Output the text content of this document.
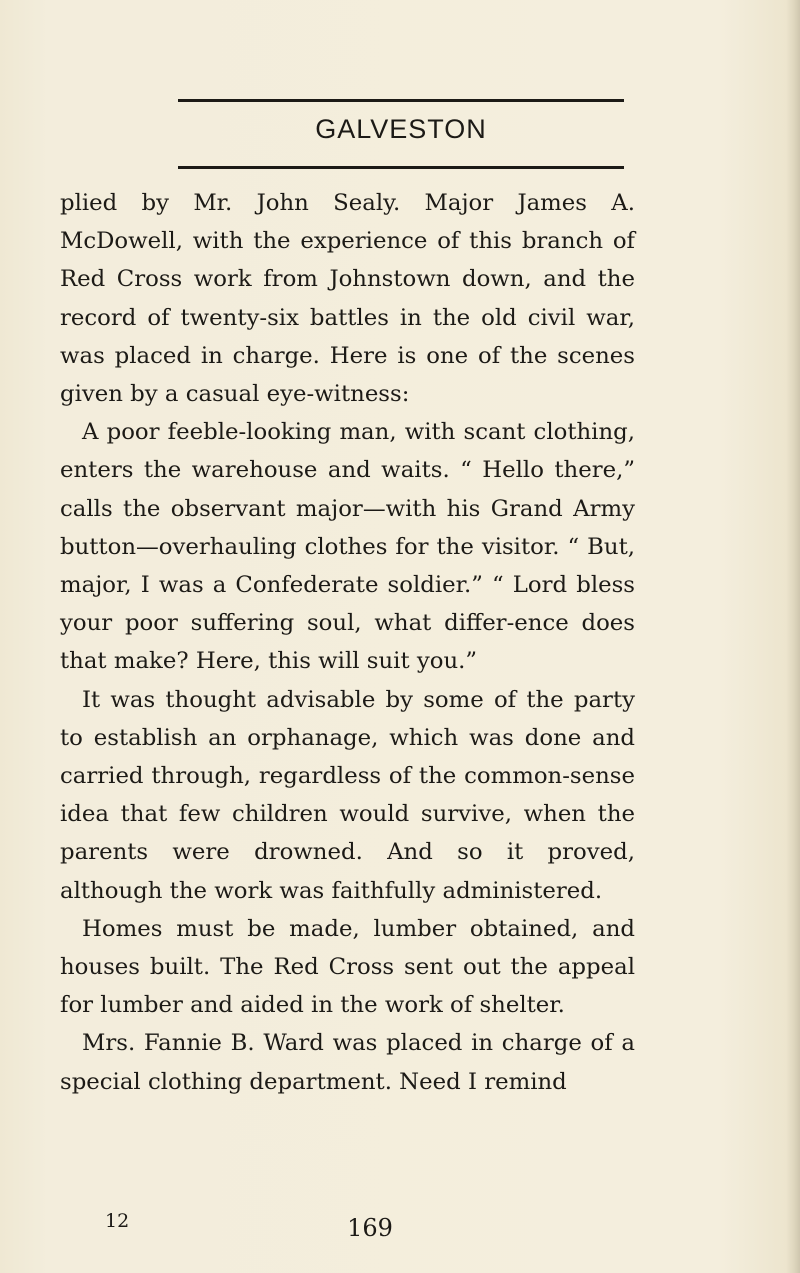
GALVESTON

plied by Mr. John Sealy. Major James A. McDowell, with the experience of this branch of Red Cross work from Johnstown down, and the record of twenty-six battles in the old civil war, was placed in charge. Here is one of the scenes given by a casual eye-witness:

A poor feeble-looking man, with scant clothing, enters the warehouse and waits. “ Hello there,” calls the observant major—with his Grand Army button—overhauling clothes for the visitor. “ But, major, I was a Confederate soldier.” “ Lord bless your poor suffering soul, what differ-ence does that make? Here, this will suit you.”

It was thought advisable by some of the party to establish an orphanage, which was done and carried through, regardless of the common-sense idea that few children would survive, when the parents were drowned. And so it proved, although the work was faithfully administered.

Homes must be made, lumber obtained, and houses built. The Red Cross sent out the appeal for lumber and aided in the work of shelter.

Mrs. Fannie B. Ward was placed in charge of a special clothing department. Need I remind

12	169
